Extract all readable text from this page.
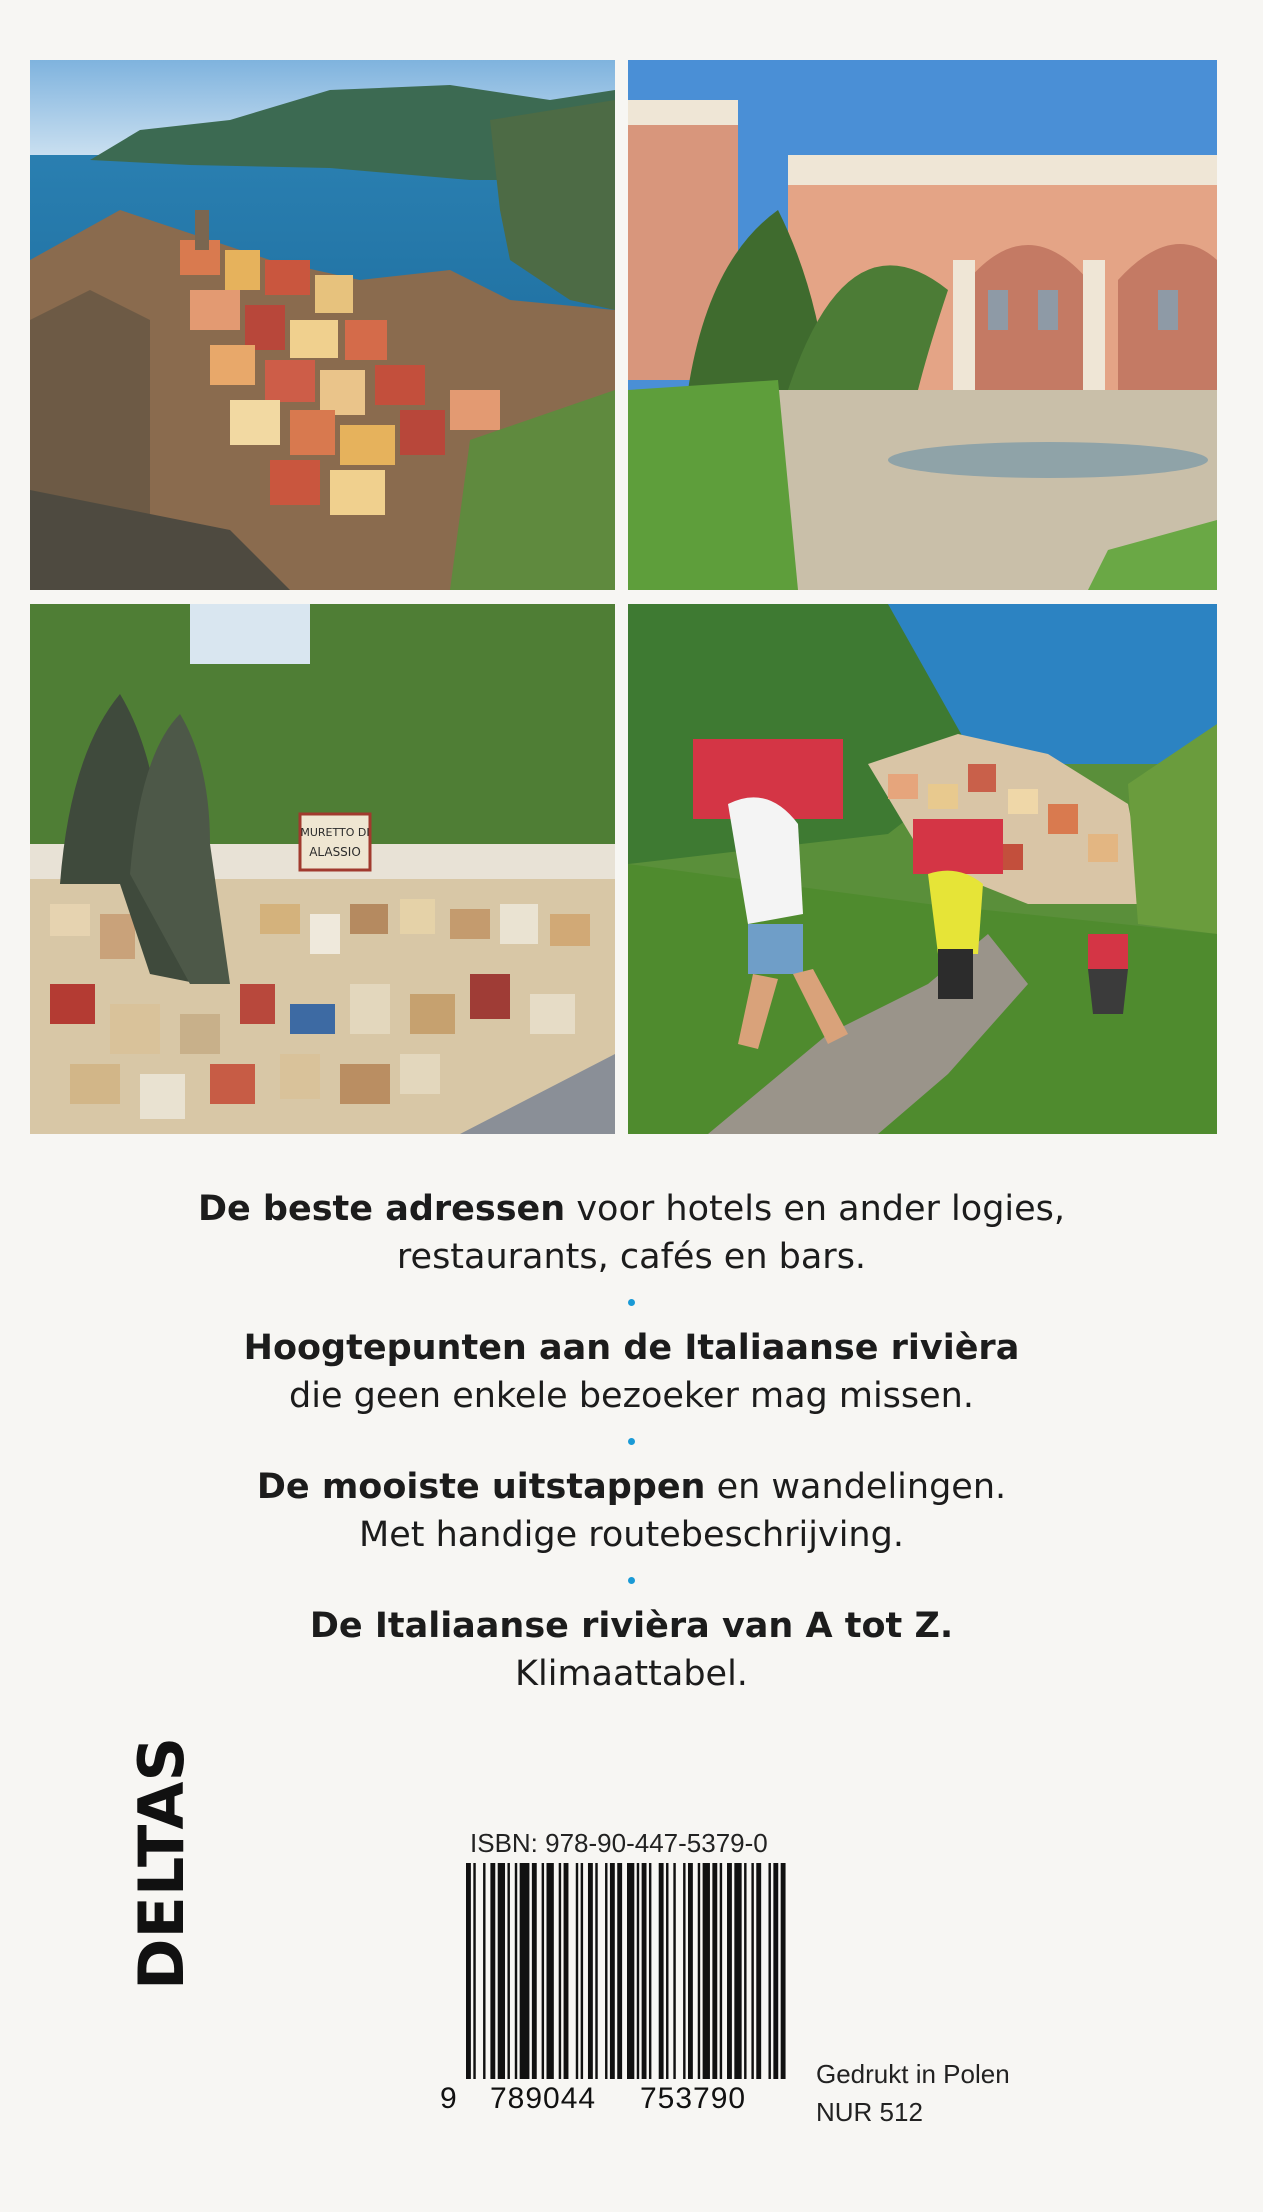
MURETTO DI
ALASSIO

De beste adressen voor hotels en ander logies,
restaurants, cafés en bars.

Hoogtepunten aan de Italiaanse rivièra
die geen enkele bezoeker mag missen.

De mooiste uitstappen en wandelingen.
Met handige routebeschrijving.

De Italiaanse rivièra van A tot Z.
Klimaattabel.

DELTAS	ISBN: 978-90-447-5379-0
9 789044 753790
Gedrukt in Polen
NUR 512
